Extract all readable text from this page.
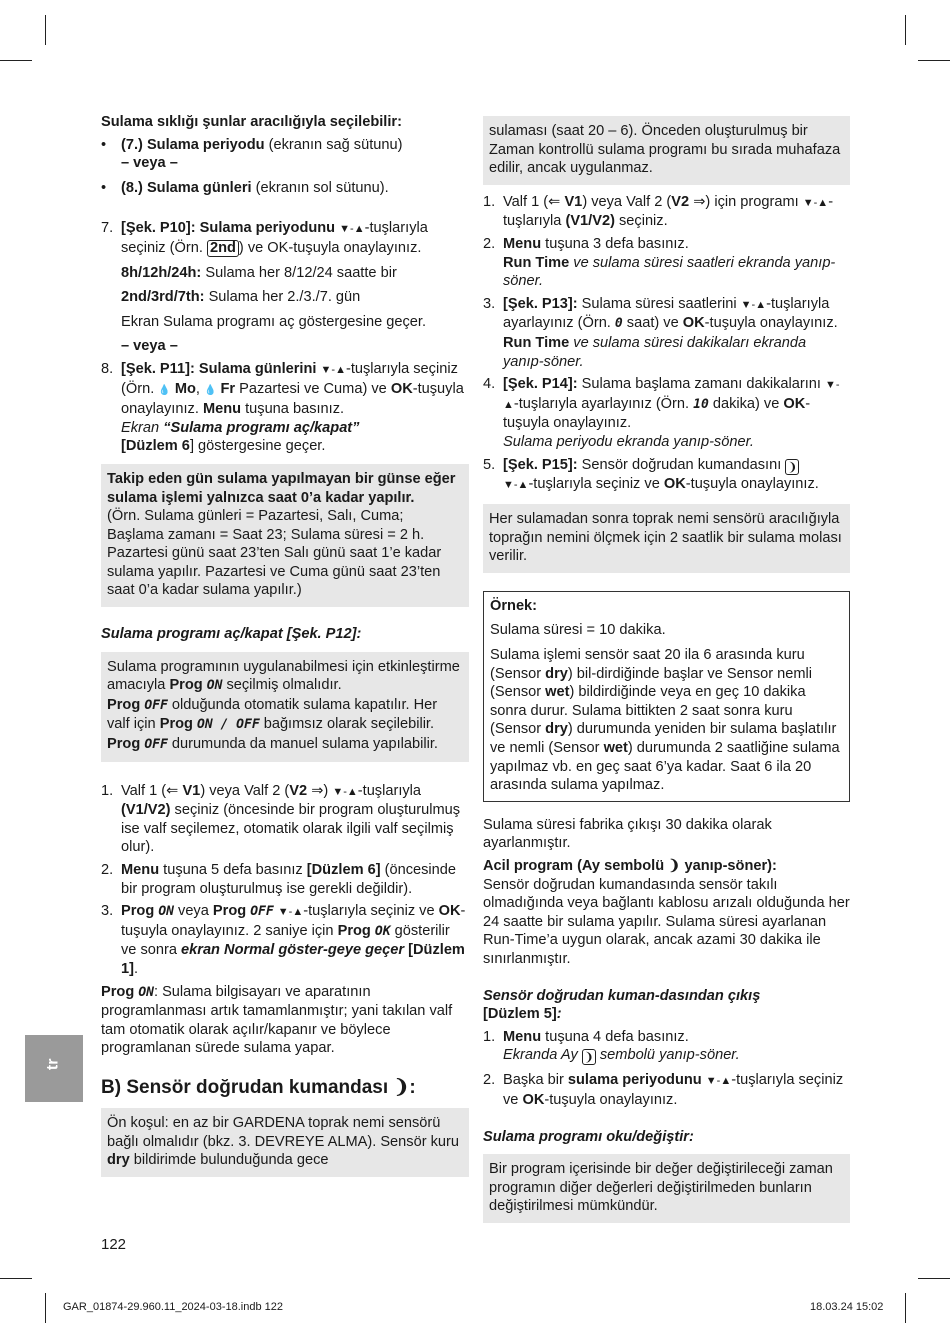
Sulama sıklığı şunlar aracılığıyla seçilebilir:

•	(7.) Sulama periyodu (ekranın sağ sütunu)
– veya –
•	(8.) Sulama günleri (ekranın sol sütunu).
7. [Şek. P10]: Sulama periyodunu ▼-▲-tuşlarıyla seçiniz (Örn. 2nd ) ve OK-tuşuyla onaylayınız.
8h/12h/24h: Sulama her 8/12/24 saatte bir
2nd/3rd/7th: Sulama her 2./3./7. gün
Ekran Sulama programı aç göstergesine geçer.
– veya –
8. [Şek. P11]: Sulama günlerini ▼-▲-tuşlarıyla seçiniz (Örn. 💧 Mo, 💧 Fr Pazartesi ve Cuma) ve OK-tuşuyla onaylayınız. Menu tuşuna basınız.
Ekran “Sulama programı aç/kapat”
[Düzlem 6] göstergesine geçer.

Takip eden gün sulama yapılmayan bir günse eğer sulama işlemi yalnızca saat 0’a kadar yapılır.

(Örn. Sulama günleri = Pazartesi, Salı, Cuma; Başlama zamanı = Saat 23; Sulama süresi = 2 h. Pazartesi günü saat 23’ten Salı günü saat 1’e kadar sulama yapılır. Pazartesi ve Cuma günü saat 23’ten saat 0’a kadar sulama yapılır.)

Sulama programı aç/kapat [Şek. P12]:

Sulama programının uygulanabilmesi için etkinleştirme amacıyla Prog ON seçilmiş olmalıdır.
Prog OFF olduğunda otomatik sulama kapatılır. Her valf için Prog ON / OFF bağımsız olarak seçilebilir. Prog OFF durumunda da manuel sulama yapılabilir.
1. Valf 1 (⇐ V1) veya Valf 2 (V2 ⇒) ▼-▲-tuşlarıyla (V1/V2) seçiniz (öncesinde bir program oluşturulmuş ise valf seçilemez, otomatik olarak ilgili valf seçilmiş olur).
2. Menu tuşuna 5 defa basınız [Düzlem 6] (öncesinde bir program oluşturulmuş ise gerekli değildir).
3. Prog ON veya Prog OFF ▼-▲-tuşlarıyla seçiniz ve OK-tuşuyla onaylayınız. 2 saniye için Prog OK gösterilir ve sonra ekran Normal göster-geye geçer [Düzlem 1].

Prog ON: Sulama bilgisayarı ve aparatının programlanması artık tamamlanmıştır; yani takılan valf tam otomatik olarak açılır/kapanır ve böylece programlanan sürede sulama yapar.

B) Sensör doğrudan kumandası ❩:

Ön koşul: en az bir GARDENA toprak nemi sensörü bağlı olmalıdır (bkz. 3. DEVREYE ALMA). Sensör kuru dry bildirimde bulunduğunda gece
sulaması (saat 20 – 6). Önceden oluşturulmuş bir Zaman kontrollü sulama programı bu sırada muhafaza edilir, ancak uygulanmaz.
1. Valf 1 (⇐ V1) veya Valf 2 (V2 ⇒) için programı ▼-▲-tuşlarıyla (V1/V2) seçiniz.
2. Menu tuşuna 3 defa basınız.
Run Time ve sulama süresi saatleri ekranda yanıp-söner.
3. [Şek. P13]: Sulama süresi saatlerini ▼-▲-tuşlarıyla ayarlayınız (Örn. 0 saat) ve OK-tuşuyla onaylayınız.
Run Time ve sulama süresi dakikaları ekranda yanıp-söner.
4. [Şek. P14]: Sulama başlama zamanı dakikalarını ▼-▲-tuşlarıyla ayarlayınız (Örn. 10 dakika) ve OK-tuşuyla onaylayınız.
Sulama periyodu ekranda yanıp-söner.
5. [Şek. P15]: Sensör doğrudan kumandasını ❩
▼-▲-tuşlarıyla seçiniz ve OK-tuşuyla onaylayınız.
Her sulamadan sonra toprak nemi sensörü aracılığıyla toprağın nemini ölçmek için 2 saatlik bir sulama molası verilir.

Örnek:

Sulama süresi = 10 dakika.

Sulama işlemi sensör saat 20 ila 6 arasında kuru (Sensor dry) bil-dirdiğinde başlar ve Sensor nemli (Sensor wet) bildirdiğinde veya en geç 10 dakika sonra durur. Sulama bittikten 2 saat sonra kuru (Sensor dry) durumunda yeniden bir sulama başlatılır ve nemli (Sensor wet) durumunda 2 saatliğine sulama yapılmaz vb. en geç saat 6’ya kadar. Saat 6 ila 20 arasında sulama yapılmaz.

Sulama süresi fabrika çıkışı 30 dakika olarak ayarlanmıştır.

Acil program (Ay sembolü ❩ yanıp-söner):

Sensör doğrudan kumandasında sensör takılı olmadığında veya bağlantı kablosu arızalı olduğunda her 24 saatte bir sulama yapılır. Sulama süresi ayarlanan Run-Time’a uygun olarak, ancak azami 30 dakika ile sınırlanmıştır.

Sensör doğrudan kuman-dasından çıkış
[Düzlem 5]:

1. Menu tuşuna 4 defa basınız.
Ekranda Ay ❩ sembolü yanıp-söner.
2. Başka bir sulama periyodunu ▼-▲-tuşlarıyla seçiniz ve OK-tuşuyla onaylayınız.

Sulama programı oku/değiştir:

Bir program içerisinde bir değer değiştirileceği zaman programın diğer değerleri değiştirilmeden bunların değiştirilmesi mümkündür.
tr
122
GAR_01874-29.960.11_2024-03-18.indb 122	18.03.24 15:02
